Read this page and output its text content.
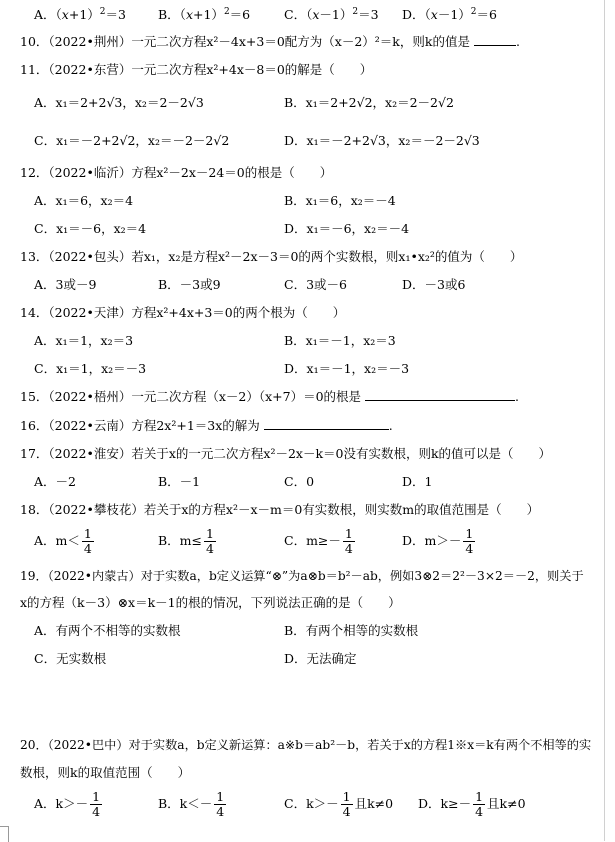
A．$(x+1)^2=3$	B．$(x+1)^2=6$	C．$(x-1)^2=3$ D．$(x-1)^2=6$
10．（2022•荆州）一元二次方程x²－4x+3＝0配方为（x－2）²＝k，则k的值是	.
11．（2022•东营）一元二次方程x²+4x－8＝0的解是（　　）
A．x₁＝2+2√3，x₂＝2－2√3	B．x₁＝2+2√2，x₂＝2－2√2
C．x₁＝－2+2√2，x₂＝－2－2√2	D．x₁＝－2+2√3，x₂＝－2－2√3
12．（2022•临沂）方程x²－2x－24＝0的根是（　　）
A．x₁＝6，x₂＝4	B．x₁＝6，x₂＝－4
C．x₁＝－6，x₂＝4	D．x₁＝－6，x₂＝－4
13．（2022•包头）若x₁，x₂是方程x²－2x－3＝0的两个实数根，则x₁•x₂²的值为（　　）
A．3或－9	B．－3或9	C．3或－6	D．－3或6
14．（2022•天津）方程x²+4x+3＝0的两个根为（　　）
A．x₁＝1，x₂＝3	B．x₁＝－1，x₂＝3
C．x₁＝1，x₂＝－3	D．x₁＝－1，x₂＝－3
15．（2022•梧州）一元二次方程（x－2）（x+7）＝0的根是	.
16．（2022•云南）方程2x²+1＝3x的解为	.
17．（2022•淮安）若关于x的一元二次方程x²－2x－k＝0没有实数根，则k的值可以是（　　）
A．－2	B．－1	C．0	D．1
18．（2022•攀枝花）若关于x的方程x²－x－m＝0有实数根，则实数m的取值范围是（　　）
A．$m< \frac{1}{4}$	B．$m\le \frac{1}{4}$	C．$m\ge- \frac{1}{4}$	D．$m>- \frac{1}{4}$
19．（2022•内蒙古）对于实数a，b定义运算“⊗”为a⊗b＝b²－ab，例如3⊗2＝2²－3×2＝－2，则关于
x的方程（k－3）⊗x＝k－1的根的情况，下列说法正确的是（　　）
A．有两个不相等的实数根	B．有两个相等的实数根
C．无实数根	D．无法确定
20．（2022•巴中）对于实数a，b定义新运算：a※b＝ab²－b，若关于x的方程1※x＝k有两个不相等的实
数根，则k的取值范围（　　）
A．$k>- \frac{1}{4}$	B．$k<- \frac{1}{4}$	C．$k>- \frac{1}{4}$ 且k≠0 D．$k\ge- \frac{1}{4}$ 且k≠0
